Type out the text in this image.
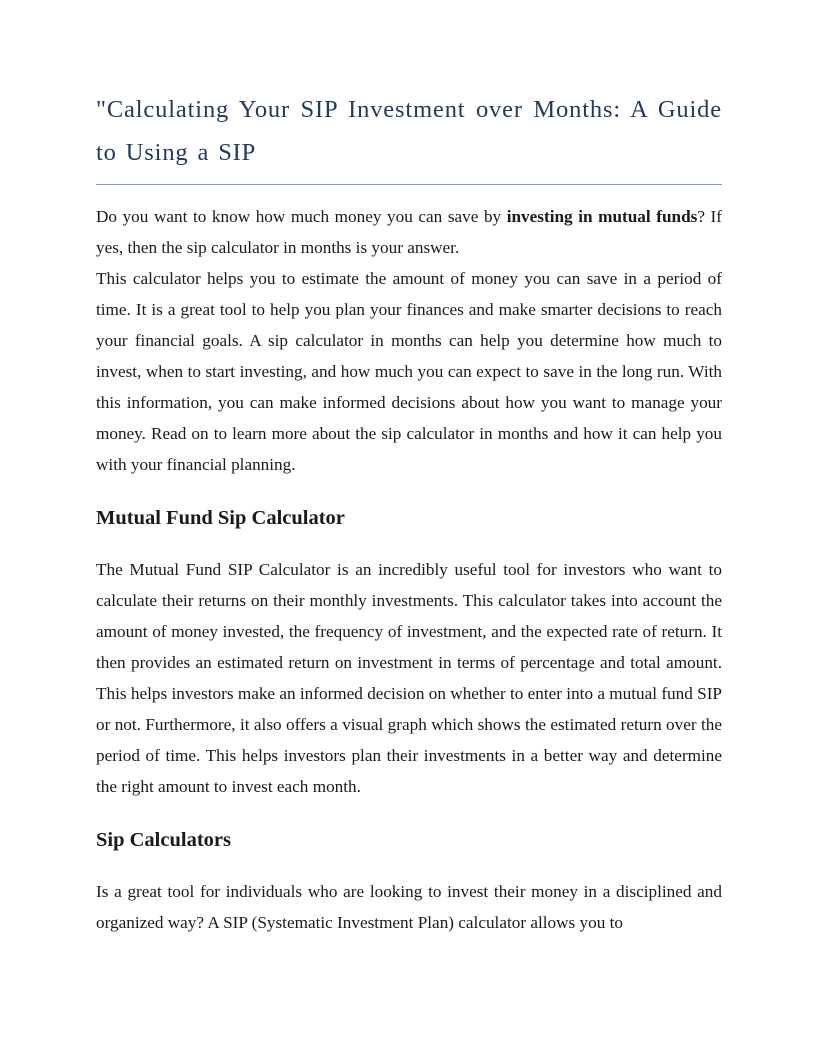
"Calculating Your SIP Investment over Months: A Guide to Using a SIP

Do you want to know how much money you can save by investing in mutual funds? If yes, then the sip calculator in months is your answer.

This calculator helps you to estimate the amount of money you can save in a period of time. It is a great tool to help you plan your finances and make smarter decisions to reach your financial goals. A sip calculator in months can help you determine how much to invest, when to start investing, and how much you can expect to save in the long run. With this information, you can make informed decisions about how you want to manage your money. Read on to learn more about the sip calculator in months and how it can help you with your financial planning.

Mutual Fund Sip Calculator

The Mutual Fund SIP Calculator is an incredibly useful tool for investors who want to calculate their returns on their monthly investments. This calculator takes into account the amount of money invested, the frequency of investment, and the expected rate of return. It then provides an estimated return on investment in terms of percentage and total amount. This helps investors make an informed decision on whether to enter into a mutual fund SIP or not. Furthermore, it also offers a visual graph which shows the estimated return over the period of time. This helps investors plan their investments in a better way and determine the right amount to invest each month.

Sip Calculators

Is a great tool for individuals who are looking to invest their money in a disciplined and organized way? A SIP (Systematic Investment Plan) calculator allows you to
